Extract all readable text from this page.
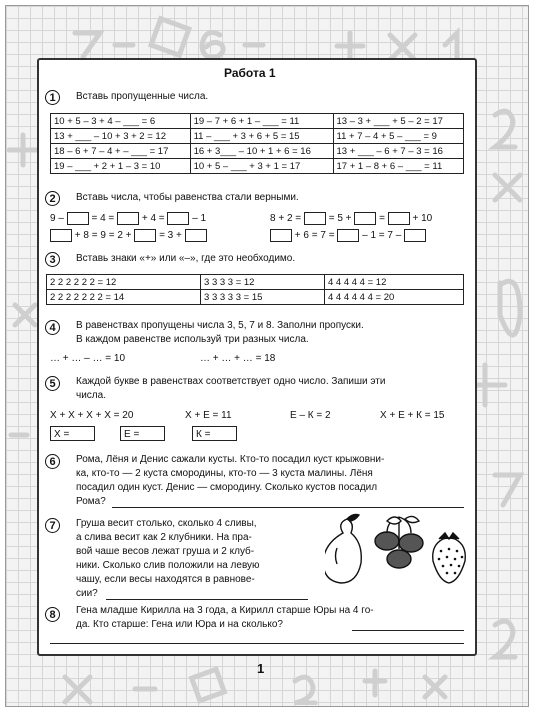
Работа 1
1	Вставь пропущенные числа.
10 + 5 – 3 + 4 – ___ = 6	19 – 7 + 6 + 1 – ___ = 11	13 – 3 + ___ + 5 – 2 = 17
13 + ___ – 10 + 3 + 2 = 12	11 – ___ + 3 + 6 + 5 = 15	11 + 7 – 4 + 5 – ___ = 9
18 – 6 + 7 – 4 + – ___ = 17	16 + 3___ – 10 + 1 + 6 = 16	13 + ___ – 6 + 7 – 3 = 16
19 – ___ + 2 + 1 – 3 = 10	10 + 5 – ___ + 3 + 1 = 17	17 + 1 – 8 + 6 – ___ = 11
2	Вставь числа, чтобы равенства стали верными.
9 –	= 4 =	+ 4 =	– 1
+ 8 = 9 = 2 +	= 3 +
8 + 2 =	= 5 +	=	+ 10
+ 6 = 7 =	– 1 = 7 –
3	Вставь знаки «+» или «–», где это необходимо.
2 2 2 2 2 2 = 12	3 3 3 3 = 12	4 4 4 4 4 = 12
2 2 2 2 2 2 2 = 14	3 3 3 3 3 = 15	4 4 4 4 4 4 = 20
4	В равенствах пропущены числа 3, 5, 7 и 8. Заполни пропуски.
В каждом равенстве используй три разных числа.
… + … – … = 10	… + … + … = 18
5	Каждой букве в равенствах соответствует одно число. Запиши эти
числа.
Х + Х + Х + Х = 20	Х + Е = 11	Е – К = 2	Х + Е + К = 15
Х =	Е =	К =
6	Рома, Лёня и Денис сажали кусты. Кто-то посадил куст крыжовни-
ка, кто-то — 2 куста смородины, кто-то — 3 куста малины. Лёня
посадил один куст. Денис — смородину. Сколько кустов посадил
Рома?
7	Груша весит столько, сколько 4 сливы,
а слива весит как 2 клубники. На пра-
вой чаше весов лежат груша и 2 клуб-
ники. Сколько слив положили на левую
чашу, если весы находятся в равнове-
сии?
8	Гена младше Кирилла на 3 года, а Кирилл старше Юры на 4 го-
да. Кто старше: Гена или Юра и на сколько?
1
